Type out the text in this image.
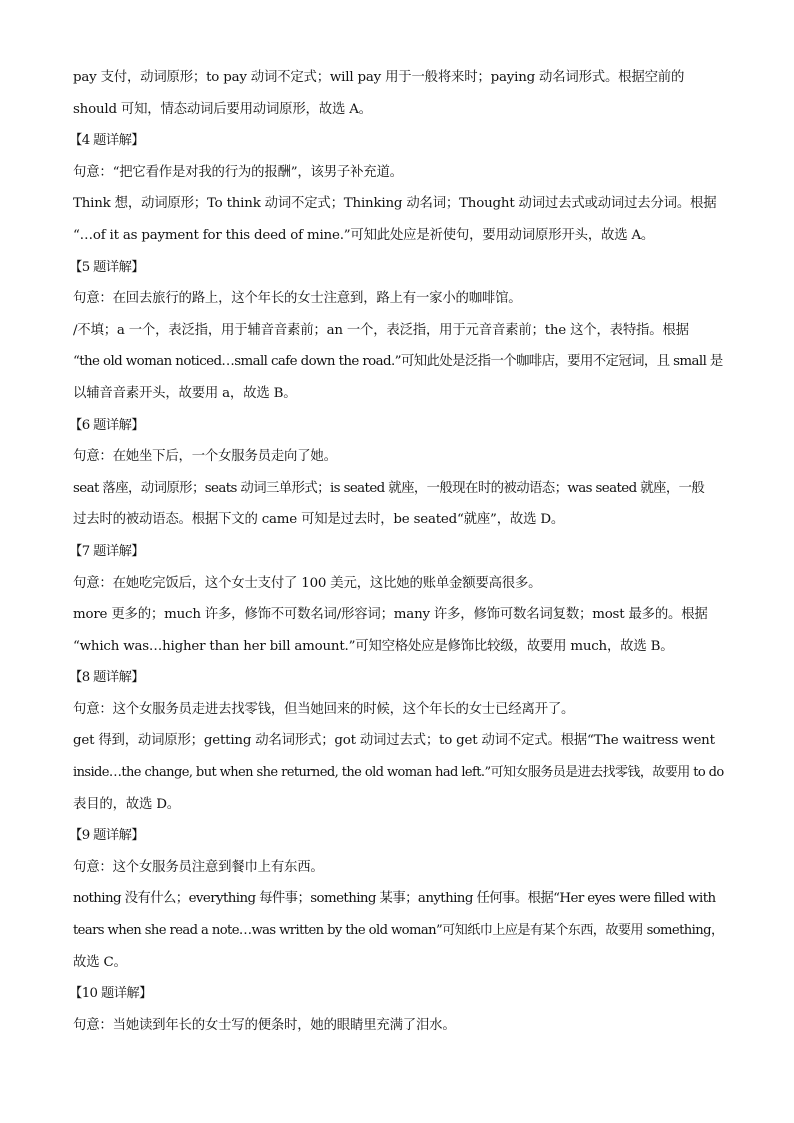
pay 支付，动词原形；to pay 动词不定式；will pay 用于一般将来时；paying 动名词形式。根据空前的
should 可知，情态动词后要用动词原形，故选 A。
【4 题详解】
句意：“把它看作是对我的行为的报酬”，该男子补充道。
Think 想，动词原形；To think 动词不定式；Thinking 动名词；Thought 动词过去式或动词过去分词。根据
“…of it as payment for this deed of mine.”可知此处应是祈使句，要用动词原形开头，故选 A。
【5 题详解】
句意：在回去旅行的路上，这个年长的女士注意到，路上有一家小的咖啡馆。
/不填；a 一个，表泛指，用于辅音音素前；an 一个，表泛指，用于元音音素前；the 这个，表特指。根据
“the old woman noticed…small cafe down the road.”可知此处是泛指一个咖啡店，要用不定冠词，且 small 是
以辅音音素开头，故要用 a，故选 B。
【6 题详解】
句意：在她坐下后，一个女服务员走向了她。
seat 落座，动词原形；seats 动词三单形式；is seated 就座，一般现在时的被动语态；was seated 就座，一般
过去时的被动语态。根据下文的 came 可知是过去时，be seated“就座”，故选 D。
【7 题详解】
句意：在她吃完饭后，这个女士支付了 100 美元，这比她的账单金额要高很多。
more 更多的；much 许多，修饰不可数名词/形容词；many 许多，修饰可数名词复数；most 最多的。根据
“which was…higher than her bill amount.”可知空格处应是修饰比较级，故要用 much，故选 B。
【8 题详解】
句意：这个女服务员走进去找零钱，但当她回来的时候，这个年长的女士已经离开了。
get 得到，动词原形；getting 动名词形式；got 动词过去式；to get 动词不定式。根据“The waitress went
inside…the change, but when she returned, the old woman had left.”可知女服务员是进去找零钱，故要用 to do
表目的，故选 D。
【9 题详解】
句意：这个女服务员注意到餐巾上有东西。
nothing 没有什么；everything 每件事；something 某事；anything 任何事。根据“Her eyes were filled with
tears when she read a note…was written by the old woman”可知纸巾上应是有某个东西，故要用 something，
故选 C。
【10 题详解】
句意：当她读到年长的女士写的便条时，她的眼睛里充满了泪水。
